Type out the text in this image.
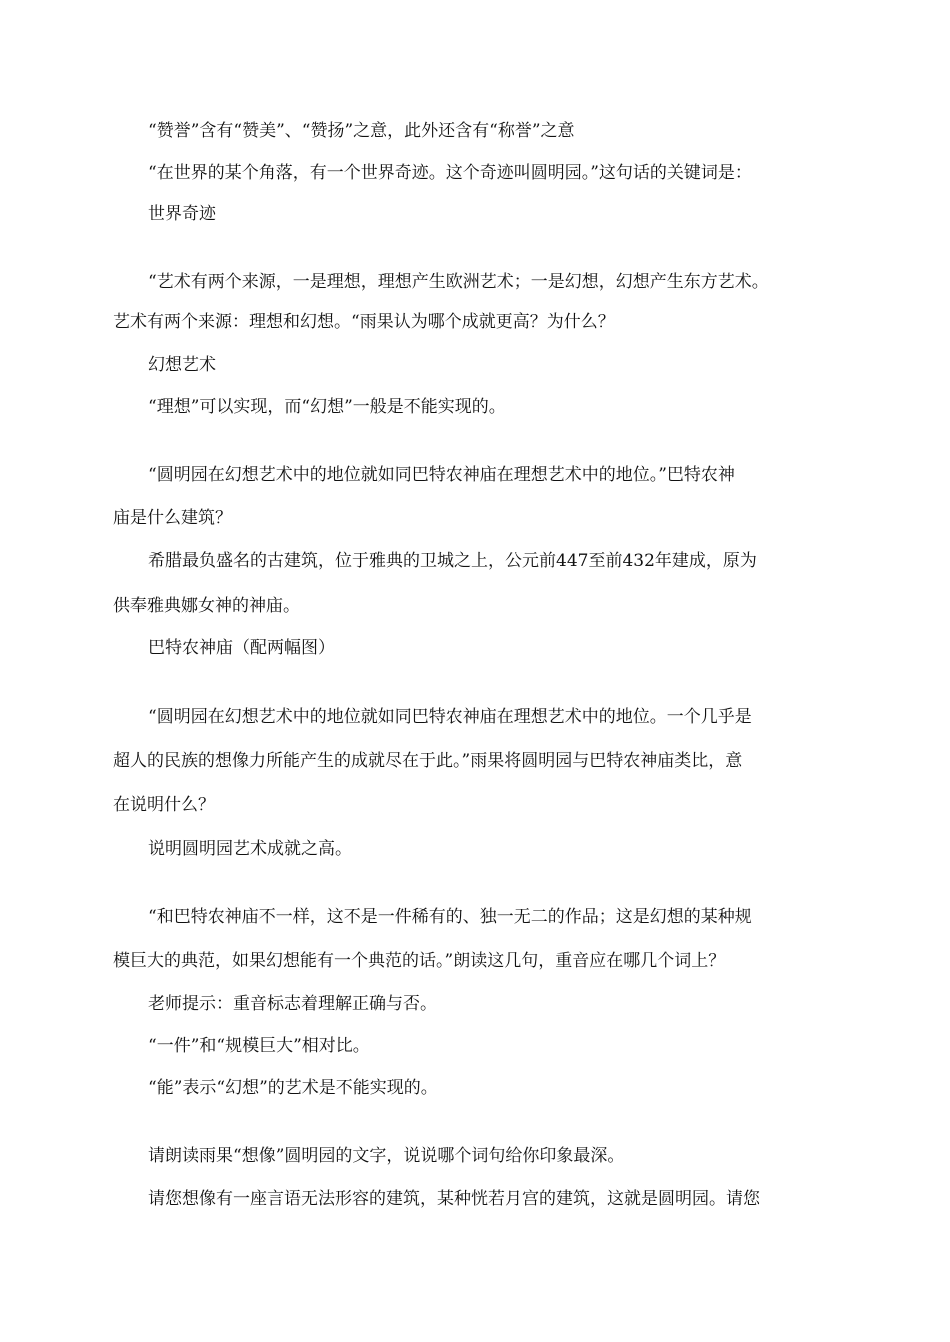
“赞誉”含有“赞美”、“赞扬”之意，此外还含有“称誉”之意
“在世界的某个角落，有一个世界奇迹。这个奇迹叫圆明园。”这句话的关键词是：
世界奇迹
“艺术有两个来源，一是理想，理想产生欧洲艺术；一是幻想，幻想产生东方艺术。
艺术有两个来源：理想和幻想。“雨果认为哪个成就更高？为什么？
幻想艺术
“理想”可以实现，而“幻想”一般是不能实现的。
“圆明园在幻想艺术中的地位就如同巴特农神庙在理想艺术中的地位。”巴特农神
庙是什么建筑？
希腊最负盛名的古建筑，位于雅典的卫城之上，公元前447至前432年建成，原为
供奉雅典娜女神的神庙。
巴特农神庙（配两幅图）
“圆明园在幻想艺术中的地位就如同巴特农神庙在理想艺术中的地位。一个几乎是
超人的民族的想像力所能产生的成就尽在于此。”雨果将圆明园与巴特农神庙类比，意
在说明什么？
说明圆明园艺术成就之高。
“和巴特农神庙不一样，这不是一件稀有的、独一无二的作品；这是幻想的某种规
模巨大的典范，如果幻想能有一个典范的话。”朗读这几句，重音应在哪几个词上？
老师提示：重音标志着理解正确与否。
“一件”和“规模巨大”相对比。
“能”表示“幻想”的艺术是不能实现的。
请朗读雨果“想像”圆明园的文字，说说哪个词句给你印象最深。
请您想像有一座言语无法形容的建筑，某种恍若月宫的建筑，这就是圆明园。请您
